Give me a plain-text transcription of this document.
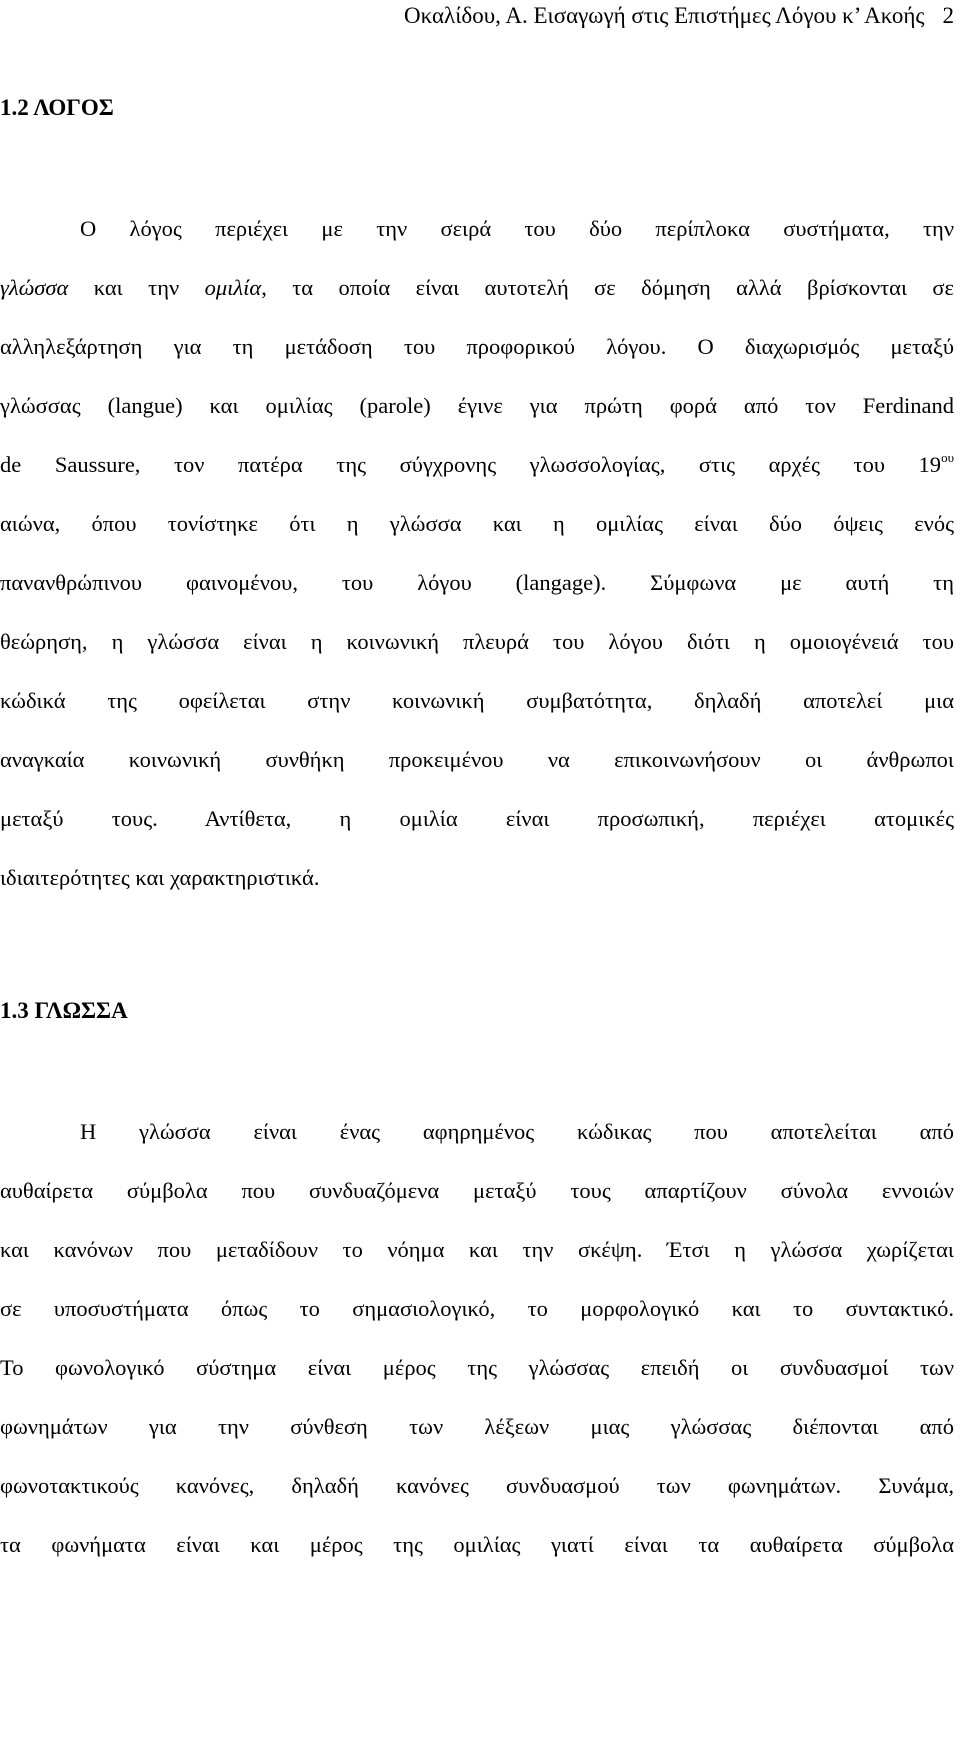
Οκαλίδου, Α. Εισαγωγή στις Επιστήμες Λόγου κ’ Ακοής 2
1.2 ΛΟΓΟΣ
Ο λόγος περιέχει με την σειρά του δύο περίπλοκα συστήματα, την
γλώσσα και την ομιλία, τα οποία είναι αυτοτελή σε δόμηση αλλά βρίσκονται σε
αλληλεξάρτηση για τη μετάδοση του προφορικού λόγου. Ο διαχωρισμός μεταξύ
γλώσσας (langue) και ομιλίας (parole) έγινε για πρώτη φορά από τον Ferdinand
de Saussure, τον πατέρα της σύγχρονης γλωσσολογίας, στις αρχές του $19^{o\upsilon}$
αιώνα, όπου τονίστηκε ότι η γλώσσα και η ομιλίας είναι δύο όψεις ενός
πανανθρώπινου φαινομένου, του λόγου (langage). Σύμφωνα με αυτή τη
θεώρηση, η γλώσσα είναι η κοινωνική πλευρά του λόγου διότι η ομοιογένειά του
κώδικά της οφείλεται στην κοινωνική συμβατότητα, δηλαδή αποτελεί μια
αναγκαία κοινωνική συνθήκη προκειμένου να επικοινωνήσουν οι άνθρωποι
μεταξύ τους. Αντίθετα, η ομιλία είναι προσωπική, περιέχει ατομικές
ιδιαιτερότητες και χαρακτηριστικά.
1.3 ΓΛΩΣΣΑ
Η γλώσσα είναι ένας αφηρημένος κώδικας που αποτελείται από
αυθαίρετα σύμβολα που συνδυαζόμενα μεταξύ τους απαρτίζουν σύνολα εννοιών
και κανόνων που μεταδίδουν το νόημα και την σκέψη. Έτσι η γλώσσα χωρίζεται
σε υποσυστήματα όπως το σημασιολογικό, το μορφολογικό και το συντακτικό.
Το φωνολογικό σύστημα είναι μέρος της γλώσσας επειδή οι συνδυασμοί των
φωνημάτων για την σύνθεση των λέξεων μιας γλώσσας διέπονται από
φωνοτακτικούς κανόνες, δηλαδή κανόνες συνδυασμού των φωνημάτων. Συνάμα,
τα φωνήματα είναι και μέρος της ομιλίας γιατί είναι τα αυθαίρετα σύμβολα
